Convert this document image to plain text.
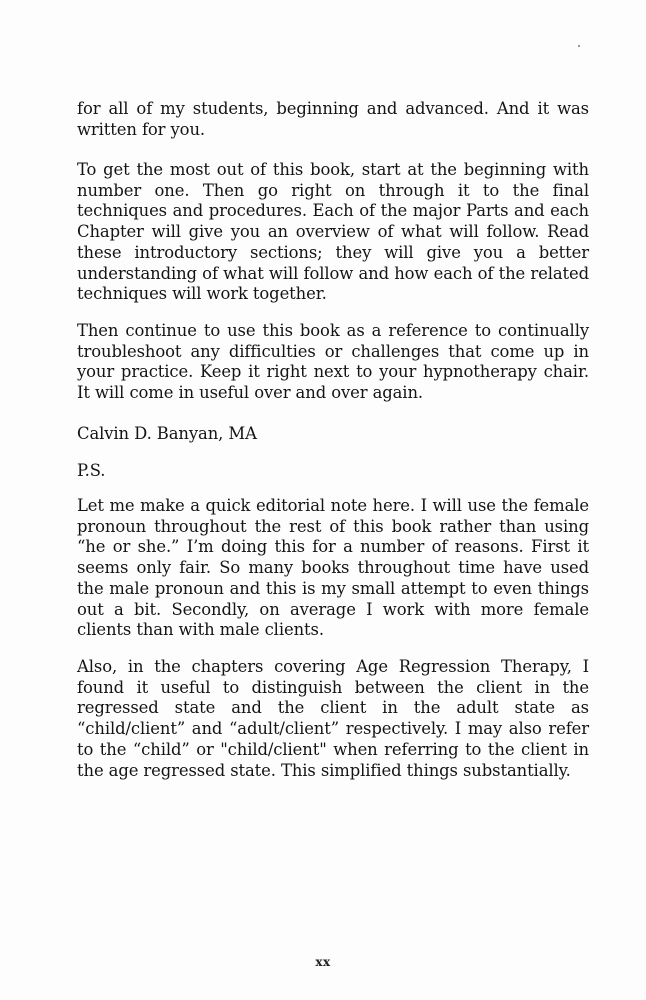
for all of my students, beginning and advanced. And it was written for you.

To get the most out of this book, start at the beginning with number one. Then go right on through it to the final techniques and procedures. Each of the major Parts and each Chapter will give you an overview of what will follow. Read these introductory sections; they will give you a better understanding of what will follow and how each of the related techniques will work together.

Then continue to use this book as a reference to continually troubleshoot any difficulties or challenges that come up in your practice. Keep it right next to your hypnotherapy chair. It will come in useful over and over again.

Calvin D. Banyan, MA

P.S.

Let me make a quick editorial note here. I will use the female pronoun throughout the rest of this book rather than using “he or she.” I’m doing this for a number of reasons. First it seems only fair. So many books throughout time have used the male pronoun and this is my small attempt to even things out a bit. Secondly, on average I work with more female clients than with male clients.

Also, in the chapters covering Age Regression Therapy, I found it useful to distinguish between the client in the regressed state and the client in the adult state as “child/client” and “adult/client” respectively. I may also refer to the “child” or "child/client" when referring to the client in the age regressed state. This simplified things substantially.

xx
